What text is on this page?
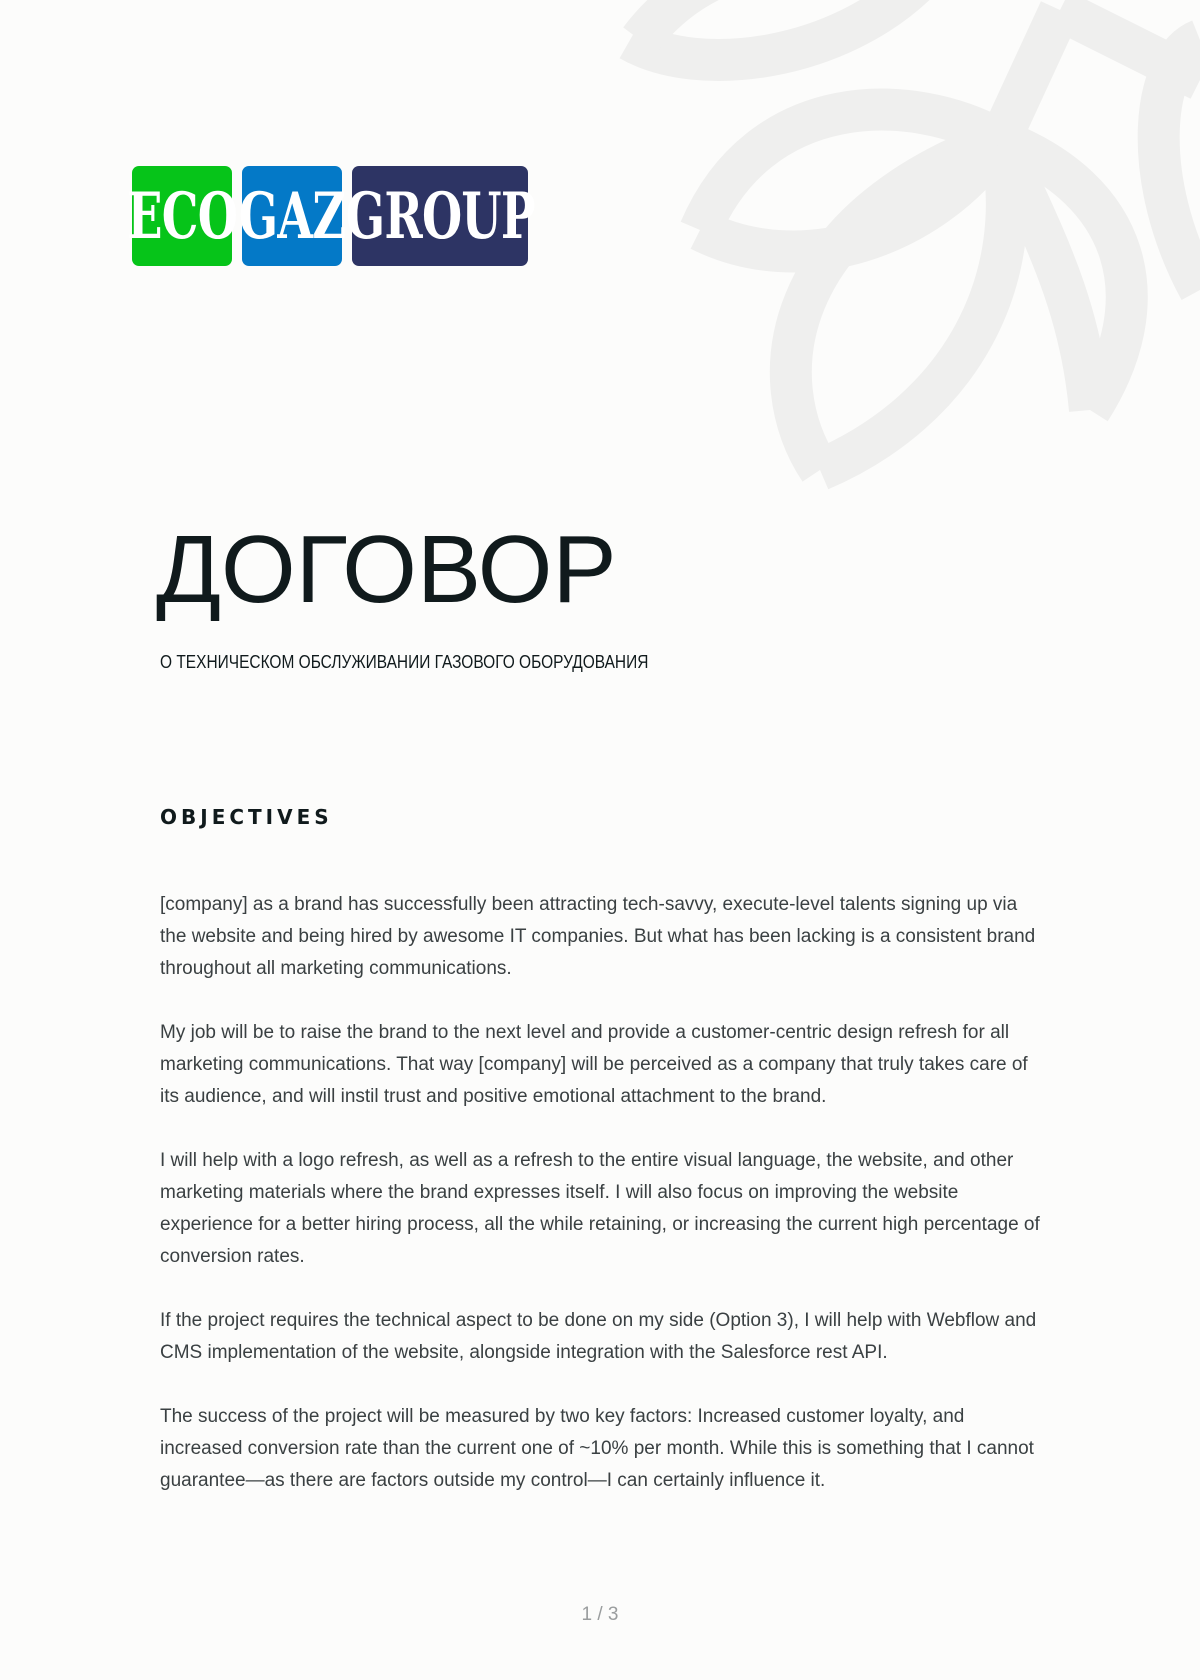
ECO GAZ GROUP
ДОГОВОР
О ТЕХНИЧЕСКОМ ОБСЛУЖИВАНИИ ГАЗОВОГО ОБОРУДОВАНИЯ
OBJECTIVES

[company] as a brand has successfully been attracting tech-savvy, execute-level talents signing up via the website and being hired by awesome IT companies. But what has been lacking is a consistent brand throughout all marketing communications.

My job will be to raise the brand to the next level and provide a customer-centric design refresh for all marketing communications. That way [company] will be perceived as a company that truly takes care of its audience, and will instil trust and positive emotional attachment to the brand.

I will help with a logo refresh, as well as a refresh to the entire visual language, the website, and other marketing materials where the brand expresses itself. I will also focus on improving the website experience for a better hiring process, all the while retaining, or increasing the current high percentage of conversion rates.

If the project requires the technical aspect to be done on my side (Option 3), I will help with Webflow and CMS implementation of the website, alongside integration with the Salesforce rest API.

The success of the project will be measured by two key factors: Increased customer loyalty, and increased conversion rate than the current one of ~10% per month. While this is something that I cannot guarantee—as there are factors outside my control—I can certainly influence it.

1 / 3
